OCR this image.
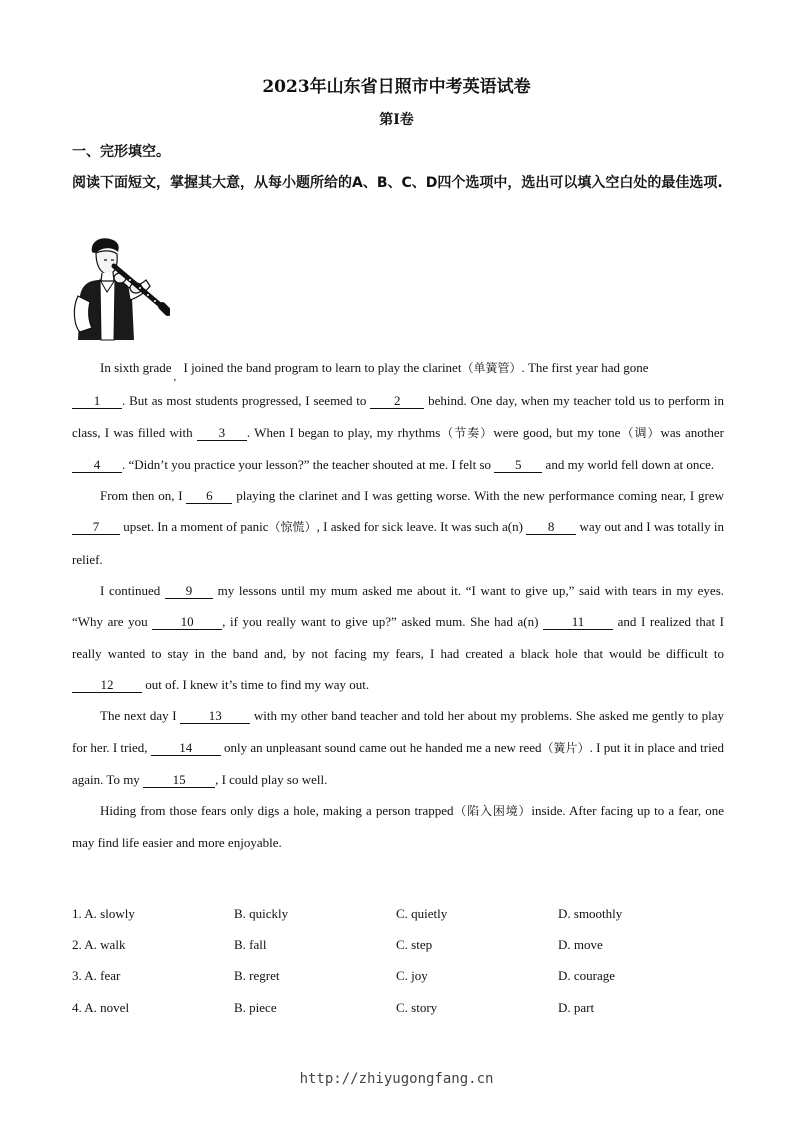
2023年山东省日照市中考英语试卷
第I卷
一、完形填空。
阅读下面短文，掌握其大意，从每小题所给的A、B、C、D四个选项中，选出可以填入空白处的最佳选项.

In sixth grade$_,$ I joined the band program to learn to play the clarinet（单簧管）. The first year had gone
1 . But as most students progressed, I seemed to 2 behind. One day, when my teacher told us to perform in class, I was filled with 3 . When I began to play, my rhythms（节奏）were good, but my tone（调）was another 4 . “Didn’t you practice your lesson?” the teacher shouted at me. I felt so 5 and my world fell down at once.

From then on, I 6 playing the clarinet and I was getting worse. With the new performance coming near, I grew 7 upset. In a moment of panic（惊慌）, I asked for sick leave. It was such a(n) 8 way out and I was totally in relief.

I continued 9 my lessons until my mum asked me about it. “I want to give up,” said with tears in my eyes. “Why are you 10 , if you really want to give up?” asked mum. She had a(n) 11 and I realized that I really wanted to stay in the band and, by not facing my fears, I had created a black hole that would be difficult to 12 out of. I knew it’s time to find my way out.

The next day I 13 with my other band teacher and told her about my problems. She asked me gently to play for her. I tried, 14 only an unpleasant sound came out he handed me a new reed（簧片）. I put it in place and tried again. To my 15 , I could play so well.

Hiding from those fears only digs a hole, making a person trapped（陷入困境）inside. After facing up to a fear, one may find life easier and more enjoyable.

1. A. slowly	B. quickly	C. quietly	D. smoothly
2. A. walk	B. fall	C. step	D. move
3. A. fear	B. regret	C. joy	D. courage
4. A. novel	B. piece	C. story	D. part
http://zhiyugongfang.cn
